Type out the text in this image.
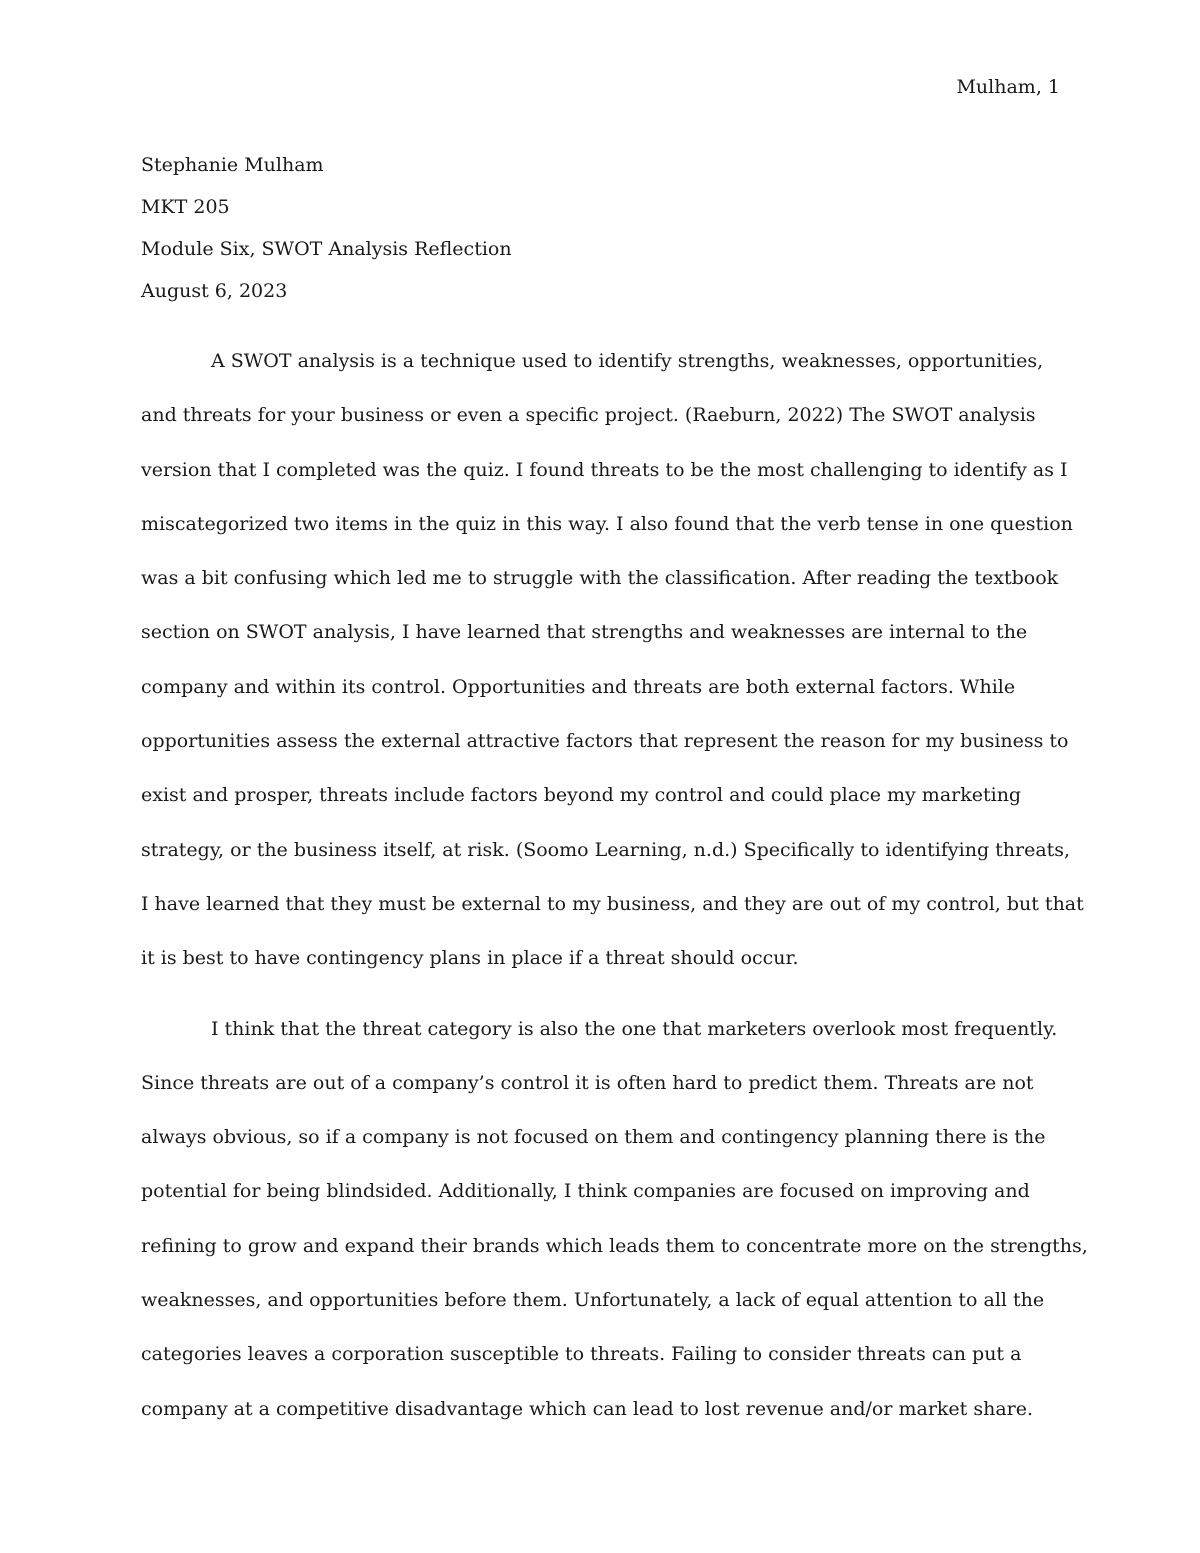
Mulham, 1
Stephanie Mulham
MKT 205
Module Six, SWOT Analysis Reflection
August 6, 2023
A SWOT analysis is a technique used to identify strengths, weaknesses, opportunities,
and threats for your business or even a specific project. (Raeburn, 2022) The SWOT analysis
version that I completed was the quiz. I found threats to be the most challenging to identify as I
miscategorized two items in the quiz in this way. I also found that the verb tense in one question
was a bit confusing which led me to struggle with the classification. After reading the textbook
section on SWOT analysis, I have learned that strengths and weaknesses are internal to the
company and within its control. Opportunities and threats are both external factors. While
opportunities assess the external attractive factors that represent the reason for my business to
exist and prosper, threats include factors beyond my control and could place my marketing
strategy, or the business itself, at risk. (Soomo Learning, n.d.) Specifically to identifying threats,
I have learned that they must be external to my business, and they are out of my control, but that
it is best to have contingency plans in place if a threat should occur.
I think that the threat category is also the one that marketers overlook most frequently.
Since threats are out of a company’s control it is often hard to predict them. Threats are not
always obvious, so if a company is not focused on them and contingency planning there is the
potential for being blindsided. Additionally, I think companies are focused on improving and
refining to grow and expand their brands which leads them to concentrate more on the strengths,
weaknesses, and opportunities before them. Unfortunately, a lack of equal attention to all the
categories leaves a corporation susceptible to threats. Failing to consider threats can put a
company at a competitive disadvantage which can lead to lost revenue and/or market share.
